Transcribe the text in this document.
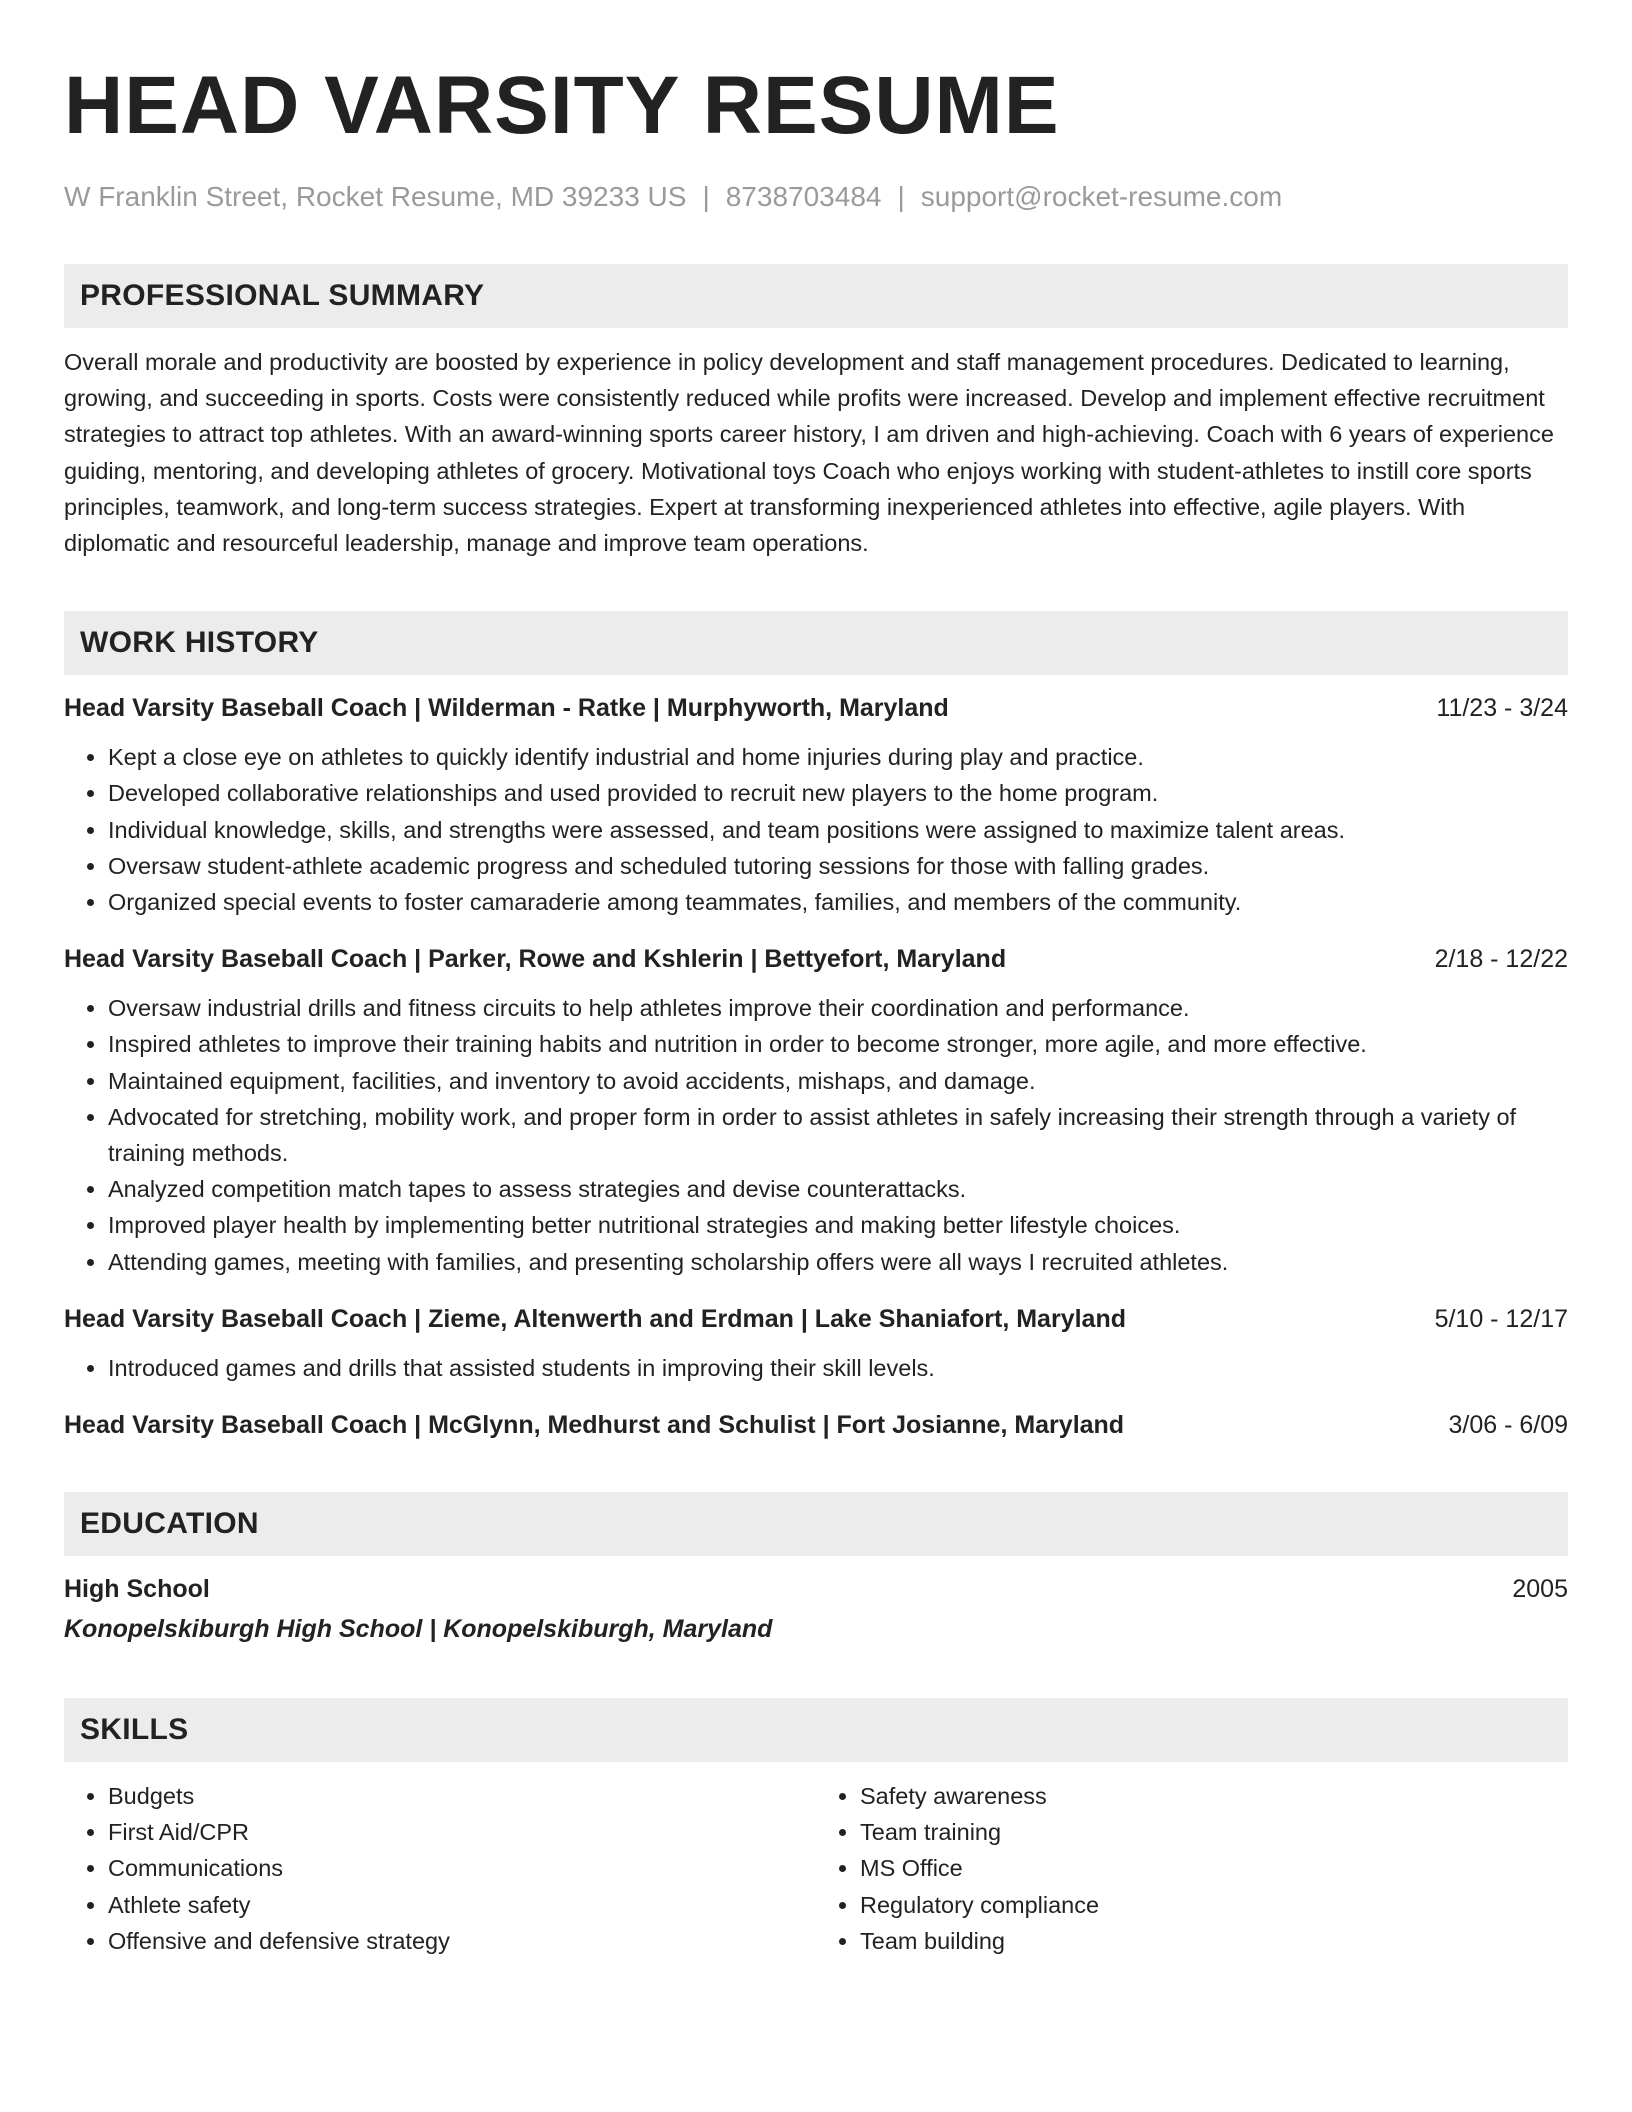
HEAD VARSITY RESUME
W Franklin Street, Rocket Resume, MD 39233 US | 8738703484 | support@rocket-resume.com
PROFESSIONAL SUMMARY
Overall morale and productivity are boosted by experience in policy development and staff management procedures. Dedicated to learning, growing, and succeeding in sports. Costs were consistently reduced while profits were increased. Develop and implement effective recruitment strategies to attract top athletes. With an award-winning sports career history, I am driven and high-achieving. Coach with 6 years of experience guiding, mentoring, and developing athletes of grocery. Motivational toys Coach who enjoys working with student-athletes to instill core sports principles, teamwork, and long-term success strategies. Expert at transforming inexperienced athletes into effective, agile players. With diplomatic and resourceful leadership, manage and improve team operations.
WORK HISTORY
Head Varsity Baseball Coach | Wilderman - Ratke | Murphyworth, Maryland	11/23 - 3/24
• Kept a close eye on athletes to quickly identify industrial and home injuries during play and practice.
• Developed collaborative relationships and used provided to recruit new players to the home program.
• Individual knowledge, skills, and strengths were assessed, and team positions were assigned to maximize talent areas.
• Oversaw student-athlete academic progress and scheduled tutoring sessions for those with falling grades.
• Organized special events to foster camaraderie among teammates, families, and members of the community.
Head Varsity Baseball Coach | Parker, Rowe and Kshlerin | Bettyefort, Maryland	2/18 - 12/22
• Oversaw industrial drills and fitness circuits to help athletes improve their coordination and performance.
• Inspired athletes to improve their training habits and nutrition in order to become stronger, more agile, and more effective.
• Maintained equipment, facilities, and inventory to avoid accidents, mishaps, and damage.
• Advocated for stretching, mobility work, and proper form in order to assist athletes in safely increasing their strength through a variety of training methods.
• Analyzed competition match tapes to assess strategies and devise counterattacks.
• Improved player health by implementing better nutritional strategies and making better lifestyle choices.
• Attending games, meeting with families, and presenting scholarship offers were all ways I recruited athletes.
Head Varsity Baseball Coach | Zieme, Altenwerth and Erdman | Lake Shaniafort, Maryland	5/10 - 12/17
• Introduced games and drills that assisted students in improving their skill levels.
Head Varsity Baseball Coach | McGlynn, Medhurst and Schulist | Fort Josianne, Maryland	3/06 - 6/09
EDUCATION
High School	2005
Konopelskiburgh High School | Konopelskiburgh, Maryland
SKILLS
• Budgets
• First Aid/CPR
• Communications
• Athlete safety
• Offensive and defensive strategy
• Safety awareness
• Team training
• MS Office
• Regulatory compliance
• Team building
